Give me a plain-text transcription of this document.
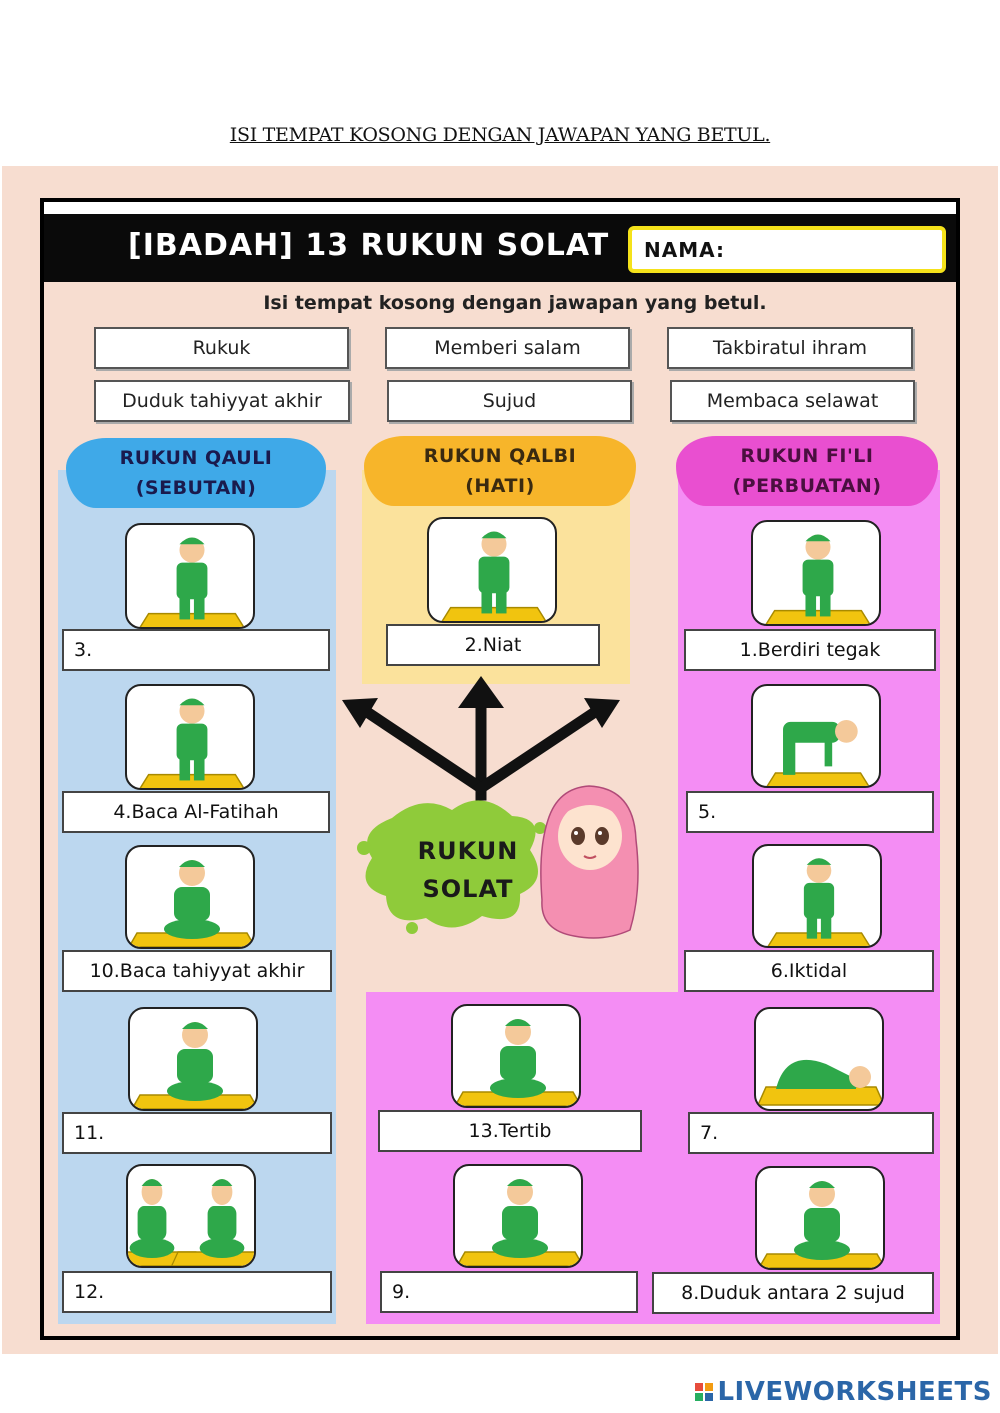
ISI TEMPAT KOSONG DENGAN JAWAPAN YANG BETUL.
[IBADAH] 13 RUKUN SOLAT NAMA:
Isi tempat kosong dengan jawapan yang betul.
Rukuk	Memberi salam	Takbiratul ihram
Duduk tahiyyat akhir	Sujud	Membaca selawat
RUKUN QAULI
(SEBUTAN)
RUKUN QALBI
(HATI)
RUKUN FI'LI
(PERBUATAN)
3.
4.Baca Al-Fatihah
10.Baca tahiyyat akhir
11.
12.
2.Niat
13.Tertib
9.
1.Berdiri tegak
5.
6.Iktidal
7.
8.Duduk antara 2 sujud
RUKUN
SOLAT
LIVEWORKSHEETS
